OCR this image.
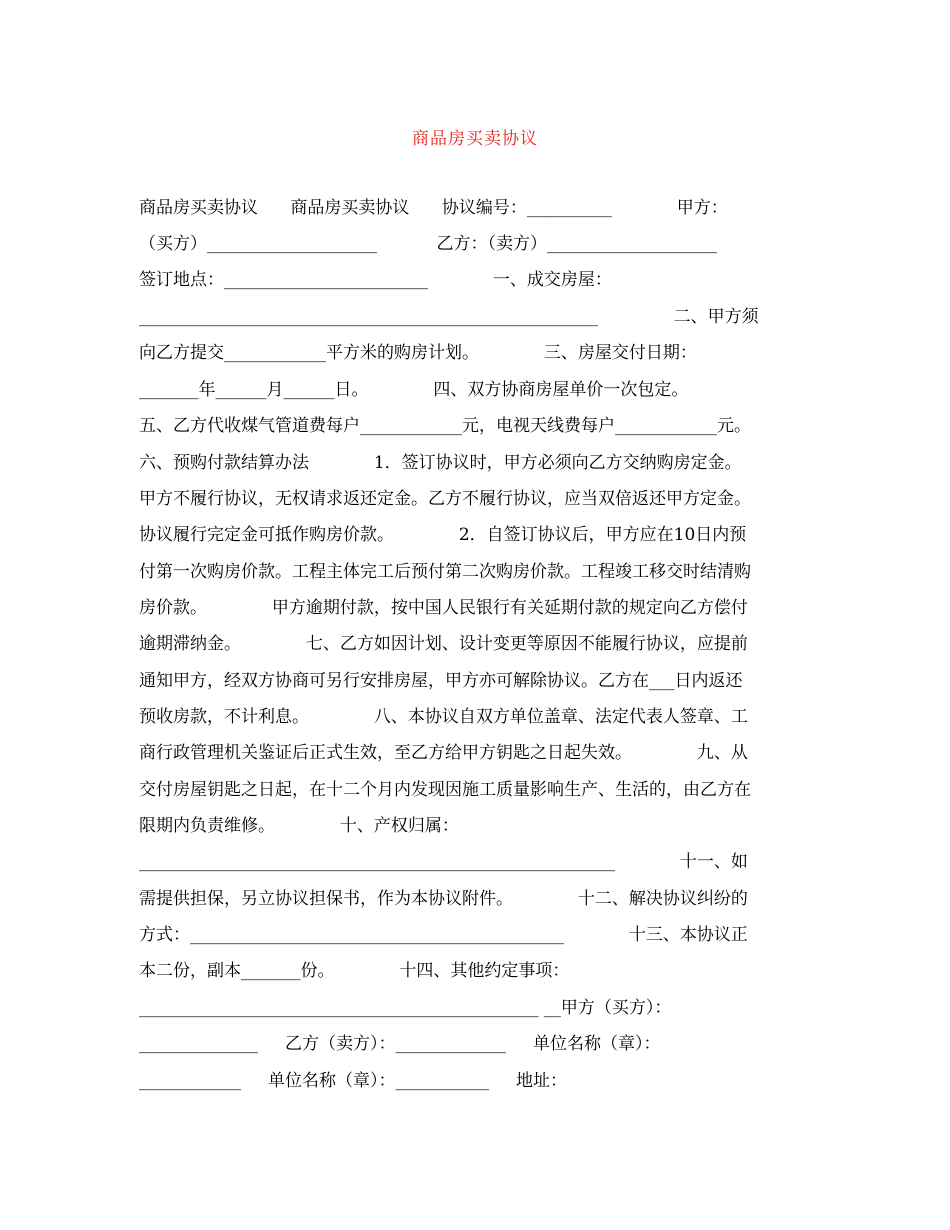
商品房买卖协议
商品房买卖协议      商品房买卖协议      协议编号：__________            甲方：
（买方）____________________           乙方：（卖方）____________________
签订地点：________________________            一、成交房屋：
______________________________________________________              二、甲方须
向乙方提交____________平方米的购房计划。            三、房屋交付日期：
_______年______月______日。            四、双方协商房屋单价一次包定。
五、乙方代收煤气管道费每户____________元，电视天线费每户____________元。
六、预购付款结算办法            1．签订协议时，甲方必须向乙方交纳购房定金。
甲方不履行协议，无权请求返还定金。乙方不履行协议，应当双倍返还甲方定金。
协议履行完定金可抵作购房价款。            2．自签订协议后，甲方应在10日内预
付第一次购房价款。工程主体完工后预付第二次购房价款。工程竣工移交时结清购
房价款。            甲方逾期付款，按中国人民银行有关延期付款的规定向乙方偿付
逾期滞纳金。            七、乙方如因计划、设计变更等原因不能履行协议，应提前
通知甲方，经双方协商可另行安排房屋，甲方亦可解除协议。乙方在___日内返还
预收房款，不计利息。            八、本协议自双方单位盖章、法定代表人签章、工
商行政管理机关鉴证后正式生效，至乙方给甲方钥匙之日起失效。            九、从
交付房屋钥匙之日起，在十二个月内发现因施工质量影响生产、生活的，由乙方在
限期内负责维修。            十、产权归属：
________________________________________________________            十一、如
需提供担保，另立协议担保书，作为本协议附件。            十二、解决协议纠纷的
方式：____________________________________________            十三、本协议正
本二份，副本_______份。            十四、其他约定事项：
_______________________________________________ __甲方（买方）：
______________     乙方（卖方）：_____________     单位名称（章）：
____________     单位名称（章）：___________     地址：
